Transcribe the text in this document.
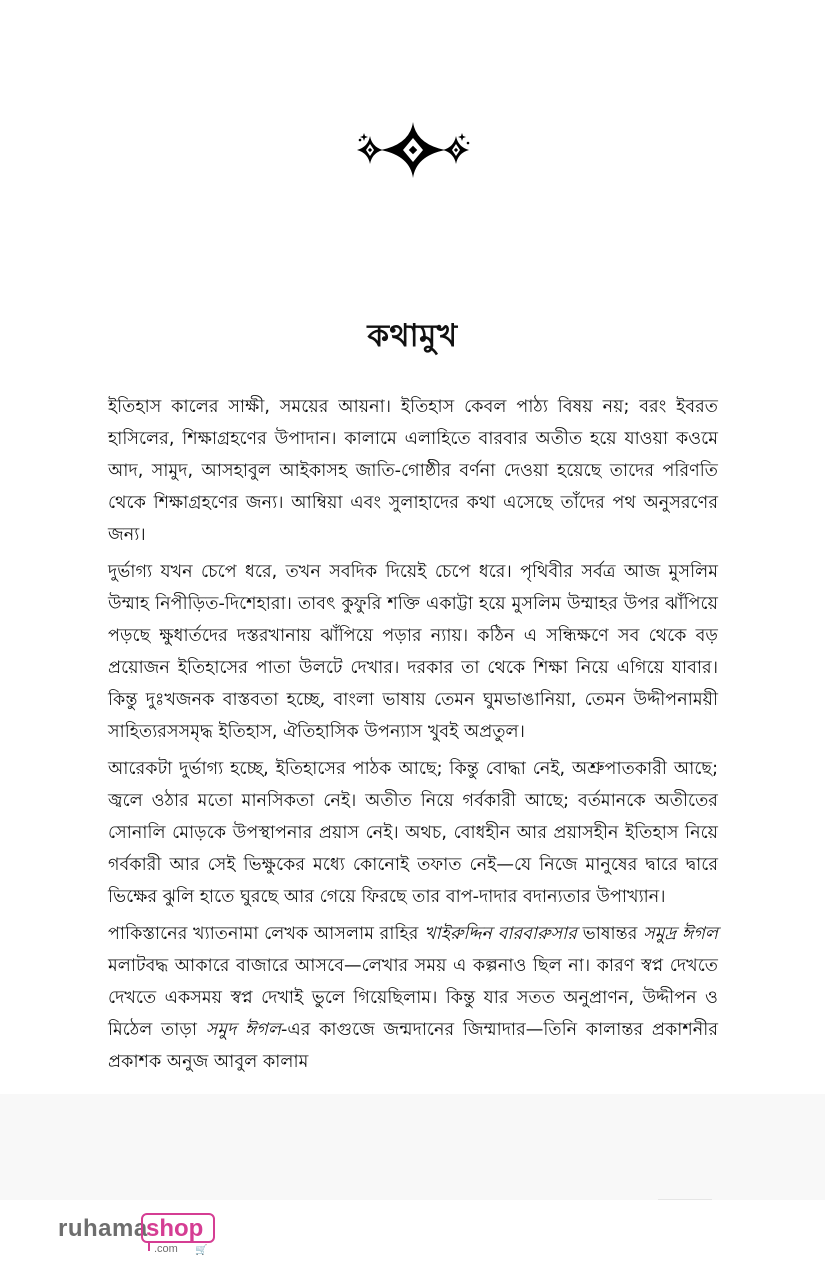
কথামুখ

ইতিহাস কালের সাক্ষী, সময়ের আয়না। ইতিহাস কেবল পাঠ্য বিষয় নয়; বরং ইবরত হাসিলের, শিক্ষাগ্রহণের উপাদান। কালামে এলাহিতে বারবার অতীত হয়ে যাওয়া কওমে আদ, সামুদ, আসহাবুল আইকাসহ জাতি-গোষ্ঠীর বর্ণনা দেওয়া হয়েছে তাদের পরিণতি থেকে শিক্ষাগ্রহণের জন্য। আম্বিয়া এবং সুলাহাদের কথা এসেছে তাঁদের পথ অনুসরণের জন্য।

দুর্ভাগ্য যখন চেপে ধরে, তখন সবদিক দিয়েই চেপে ধরে। পৃথিবীর সর্বত্র আজ মুসলিম উম্মাহ নিপীড়িত-দিশেহারা। তাবৎ কুফুরি শক্তি একাট্টা হয়ে মুসলিম উম্মাহর উপর ঝাঁপিয়ে পড়ছে ক্ষুধার্তদের দস্তরখানায় ঝাঁপিয়ে পড়ার ন্যায়। কঠিন এ সন্ধিক্ষণে সব থেকে বড় প্রয়োজন ইতিহাসের পাতা উলটে দেখার। দরকার তা থেকে শিক্ষা নিয়ে এগিয়ে যাবার। কিন্তু দুঃখজনক বাস্তবতা হচ্ছে, বাংলা ভাষায় তেমন ঘুমভাঙানিয়া, তেমন উদ্দীপনাময়ী সাহিত্যরসসমৃদ্ধ ইতিহাস, ঐতিহাসিক উপন্যাস খুবই অপ্রতুল।

আরেকটা দুর্ভাগ্য হচ্ছে, ইতিহাসের পাঠক আছে; কিন্তু বোদ্ধা নেই, অশ্রুপাতকারী আছে; জ্বলে ওঠার মতো মানসিকতা নেই। অতীত নিয়ে গর্বকারী আছে; বর্তমানকে অতীতের সোনালি মোড়কে উপস্থাপনার প্রয়াস নেই। অথচ, বোধহীন আর প্রয়াসহীন ইতিহাস নিয়ে গর্বকারী আর সেই ভিক্ষুকের মধ্যে কোনোই তফাত নেই—যে নিজে মানুষের দ্বারে দ্বারে ভিক্ষের ঝুলি হাতে ঘুরছে আর গেয়ে ফিরছে তার বাপ-দাদার বদান্যতার উপাখ্যান।

পাকিস্তানের খ্যাতনামা লেখক আসলাম রাহির খাইরুদ্দিন বারবারুসার ভাষান্তর সমুদ্র ঈগল মলাটবদ্ধ আকারে বাজারে আসবে—লেখার সময় এ কল্পনাও ছিল না। কারণ স্বপ্ন দেখতে দেখতে একসময় স্বপ্ন দেখাই ভুলে গিয়েছিলাম। কিন্তু যার সতত অনুপ্রাণন, উদ্দীপন ও মিঠেল তাড়া সমুদ ঈগল-এর কাগুজে জন্মদানের জিম্মাদার—তিনি কালান্তর প্রকাশনীর প্রকাশক অনুজ আবুল কালাম

ruhama
shop
.com 🛒
